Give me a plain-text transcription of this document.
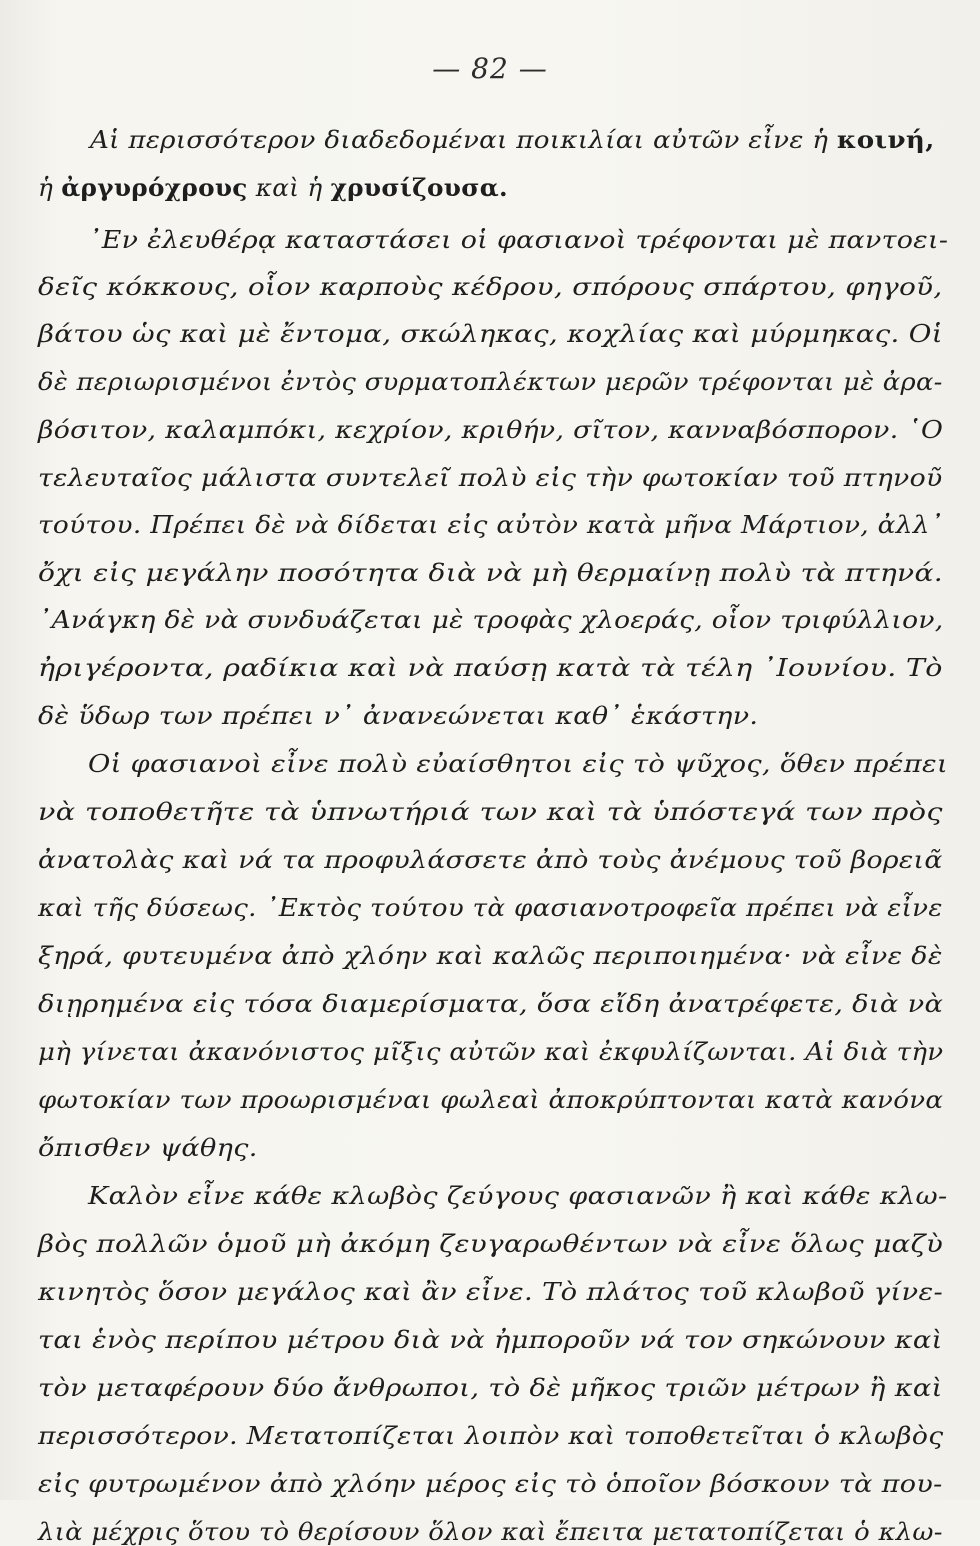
— 82 —
Αἱ περισσότερον διαδεδομέναι ποικιλίαι αὐτῶν εἶνε ἡ κοινή,
ἡ ἀργυρόχρους καὶ ἡ χρυσίζουσα.
᾿Εν ἐλευθέρᾳ καταστάσει οἱ φασιανοὶ τρέφονται μὲ παντοει-
δεῖς κόκκους, οἷον καρποὺς κέδρου, σπόρους σπάρτου, φηγοῦ,
βάτου ὡς καὶ μὲ ἔντομα, σκώληκας, κοχλίας καὶ μύρμηκας. Οἱ
δὲ περιωρισμένοι ἐντὸς συρματοπλέκτων μερῶν τρέφονται μὲ ἀρα-
βόσιτον, καλαμπόκι, κεχρίον, κριθήν, σῖτον, κανναβόσπορον. ῾Ο
τελευταῖος μάλιστα συντελεῖ πολὺ εἰς τὴν φωτοκίαν τοῦ πτηνοῦ
τούτου. Πρέπει δὲ νὰ δίδεται εἰς αὐτὸν κατὰ μῆνα Μάρτιον, ἀλλ᾿
ὄχι εἰς μεγάλην ποσότητα διὰ νὰ μὴ θερμαίνῃ πολὺ τὰ πτηνά.
᾿Ανάγκη δὲ νὰ συνδυάζεται μὲ τροφὰς χλοεράς, οἷον τριφύλλιον,
ἠριγέροντα, ραδίκια καὶ νὰ παύσῃ κατὰ τὰ τέλη ᾿Ιουνίου. Τὸ
δὲ ὕδωρ των πρέπει ν᾿ ἀνανεώνεται καθ᾿ ἑκάστην.
Οἱ φασιανοὶ εἶνε πολὺ εὐαίσθητοι εἰς τὸ ψῦχος, ὅθεν πρέπει
νὰ τοποθετῆτε τὰ ὑπνωτήριά των καὶ τὰ ὑπόστεγά των πρὸς
ἀνατολὰς καὶ νά τα προφυλάσσετε ἀπὸ τοὺς ἀνέμους τοῦ βορειᾶ
καὶ τῆς δύσεως. ᾿Εκτὸς τούτου τὰ φασιανοτροφεῖα πρέπει νὰ εἶνε
ξηρά, φυτευμένα ἀπὸ χλόην καὶ καλῶς περιποιημένα· νὰ εἶνε δὲ
διῃρημένα εἰς τόσα διαμερίσματα, ὅσα εἴδη ἀνατρέφετε, διὰ νὰ
μὴ γίνεται ἀκανόνιστος μῖξις αὐτῶν καὶ ἐκφυλίζωνται. Αἱ διὰ τὴν
φωτοκίαν των προωρισμέναι φωλεαὶ ἀποκρύπτονται κατὰ κανόνα
ὄπισθεν ψάθης.
Καλὸν εἶνε κάθε κλωβὸς ζεύγους φασιανῶν ἢ καὶ κάθε κλω-
βὸς πολλῶν ὁμοῦ μὴ ἀκόμη ζευγαρωθέντων νὰ εἶνε ὅλως μαζὺ
κινητὸς ὅσον μεγάλος καὶ ἂν εἶνε. Τὸ πλάτος τοῦ κλωβοῦ γίνε-
ται ἑνὸς περίπου μέτρου διὰ νὰ ἠμποροῦν νά τον σηκώνουν καὶ
τὸν μεταφέρουν δύο ἄνθρωποι, τὸ δὲ μῆκος τριῶν μέτρων ἢ καὶ
περισσότερον. Μετατοπίζεται λοιπὸν καὶ τοποθετεῖται ὁ κλωβὸς
εἰς φυτρωμένον ἀπὸ χλόην μέρος εἰς τὸ ὁποῖον βόσκουν τὰ που-
λιὰ μέχρις ὅτου τὸ θερίσουν ὅλον καὶ ἔπειτα μετατοπίζεται ὁ κλω-
